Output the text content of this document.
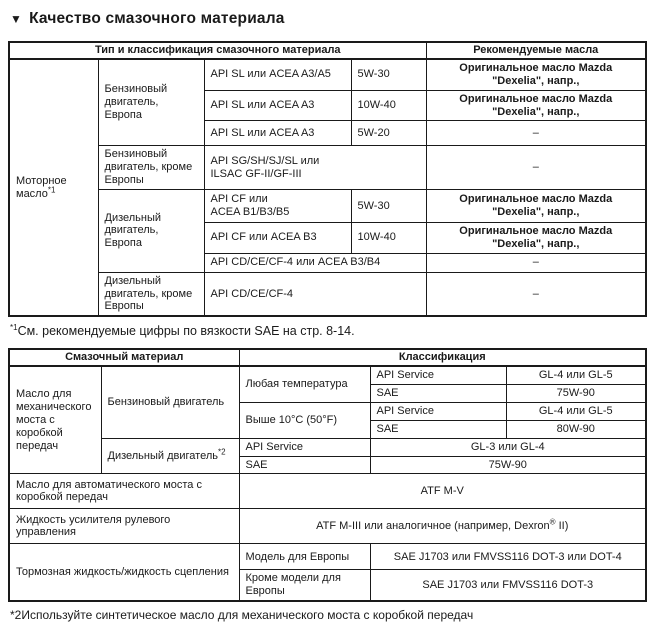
▼ Качество смазочного материала
Тип и классификация смазочного материала				Рекомендуемые масла
Моторное масло$^{*1}$	Бензиновый двигатель, Европа	API SL или ACEA A3/A5	5W-30	Оригинальное масло Mazda
"Dexelia", напр.,
		API SL или ACEA A3	10W-40	Оригинальное масло Mazda
"Dexelia", напр.,
		API SL или ACEA A3	5W-20	–
	Бензиновый двигатель, кроме Европы	API SG/SH/SJ/SL или
ILSAC GF-II/GF-III		–
	Дизельный двигатель, Европа	API CF или
ACEA B1/B3/B5	5W-30	Оригинальное масло Mazda
"Dexelia", напр.,
		API CF или ACEA B3	10W-40	Оригинальное масло Mazda
"Dexelia", напр.,
		API CD/CE/CF-4 или ACEA B3/B4		–
	Дизельный двигатель, кроме Европы	API CD/CE/CF-4		–
$^{*1}$См. рекомендуемые цифры по вязкости SAE на стр. 8-14.
Смазочный материал		Классификация		
Масло для механического моста с коробкой передач	Бензиновый двигатель	Любая температура	API Service	GL-4 или GL-5
			SAE	75W-90
		Выше 10°C (50°F)	API Service	GL-4 или GL-5
			SAE	80W-90
	Дизельный двигатель$^{*2}$	API Service	GL-3 или GL-4	
		SAE	75W-90	
Масло для автоматического моста с коробкой передач		ATF M-V		
Жидкость усилителя рулевого управления		ATF M-III или аналогичное (например, Dexron® II)		
Тормозная жидкость/жидкость сцепления		Модель для Европы	SAE J1703 или FMVSS116 DOT-3 или DOT-4	
		Кроме модели для Европы	SAE J1703 или FMVSS116 DOT-3	
*2Используйте синтетическое масло для механического моста с коробкой передач
